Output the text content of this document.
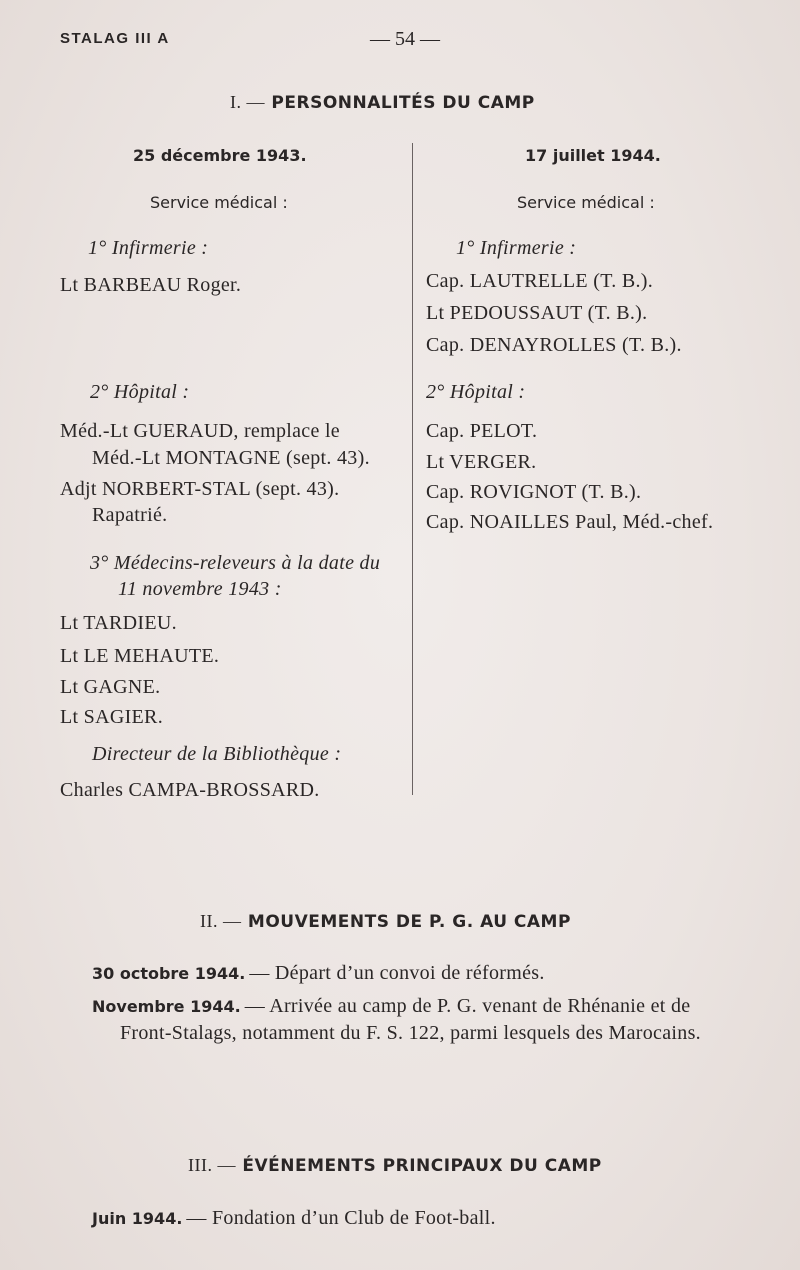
STALAG III A	— 54 —
I. — PERSONNALITÉS DU CAMP
25 décembre 1943.
Service médical :
1° Infirmerie :
Lt BARBEAU Roger.
2° Hôpital :
Méd.-Lt GUERAUD, remplace le
Méd.-Lt MONTAGNE (sept. 43).
Adjt NORBERT-STAL (sept. 43).
Rapatrié.
3° Médecins-releveurs à la date du
11 novembre 1943 :
Lt TARDIEU.
Lt LE MEHAUTE.
Lt GAGNE.
Lt SAGIER.
Directeur de la Bibliothèque :
Charles CAMPA-BROSSARD.
17 juillet 1944.
Service médical :
1° Infirmerie :
Cap. LAUTRELLE (T. B.).
Lt PEDOUSSAUT (T. B.).
Cap. DENAYROLLES (T. B.).
2° Hôpital :
Cap. PELOT.
Lt VERGER.
Cap. ROVIGNOT (T. B.).
Cap. NOAILLES Paul, Méd.-chef.
II. — MOUVEMENTS DE P. G. AU CAMP
30 octobre 1944. — Départ d’un convoi de réformés.
Novembre 1944. — Arrivée au camp de P. G. venant de Rhénanie et de
Front-Stalags, notamment du F. S. 122, parmi lesquels des Marocains.
III. — ÉVÉNEMENTS PRINCIPAUX DU CAMP
Juin 1944. — Fondation d’un Club de Foot-ball.
